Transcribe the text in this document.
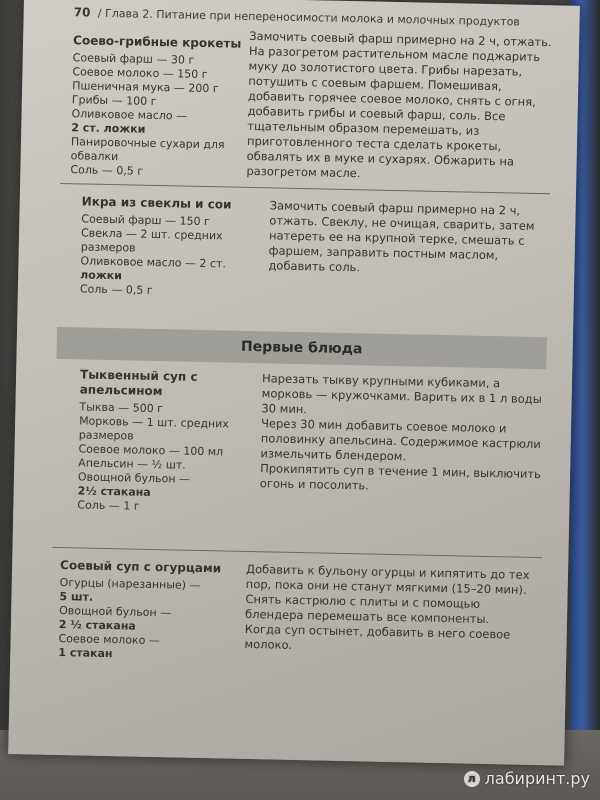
70 / Глава 2. Питание при непереносимости молока и молочных продуктов
Соево-грибные крокеты
Соевый фарш — 30 г
Соевое молоко — 150 г
Пшеничная мука — 200 г
Грибы — 100 г
Оливковое масло —
2 ст. ложки
Панировочные сухари для обвалки
Соль — 0,5 г
Замочить соевый фарш примерно на 2 ч, отжать. На разогретом растительном масле поджарить муку до золотистого цвета. Грибы нарезать, потушить с соевым фаршем. Помешивая, добавить горячее соевое молоко, снять с огня, добавить грибы и соевый фарш, соль. Все тщательным образом перемешать, из приготовленного теста сделать крокеты, обвалять их в муке и сухарях. Обжарить на разогретом масле.
Икра из свеклы и сои
Соевый фарш — 150 г
Свекла — 2 шт. средних размеров
Оливковое масло — 2 ст.
ложки
Соль — 0,5 г
Замочить соевый фарш примерно на 2 ч, отжать. Свеклу, не очищая, сварить, затем натереть ее на крупной терке, смешать с фаршем, заправить постным маслом, добавить соль.
Первые блюда
Тыквенный суп с апельсином
Тыква — 500 г
Морковь — 1 шт. средних размеров
Соевое молоко — 100 мл
Апельсин — ½ шт.
Овощной бульон —
2½ стакана
Соль — 1 г
Нарезать тыкву крупными кубиками, а морковь — кружочками. Варить их в 1 л воды 30 мин.
Через 30 мин добавить соевое молоко и половинку апельсина. Содержимое кастрюли измельчить блендером.
Прокипятить суп в течение 1 мин, выключить огонь и посолить.
Соевый суп с огурцами
Огурцы (нарезанные) —
5 шт.
Овощной бульон —
2 ½ стакана
Соевое молоко —
1 стакан
Добавить к бульону огурцы и кипятить до тех пор, пока они не станут мягкими (15–20 мин).
Снять кастрюлю с плиты и с помощью блендера перемешать все компоненты.
Когда суп остынет, добавить в него соевое молоко.
л лабиринт.ру
